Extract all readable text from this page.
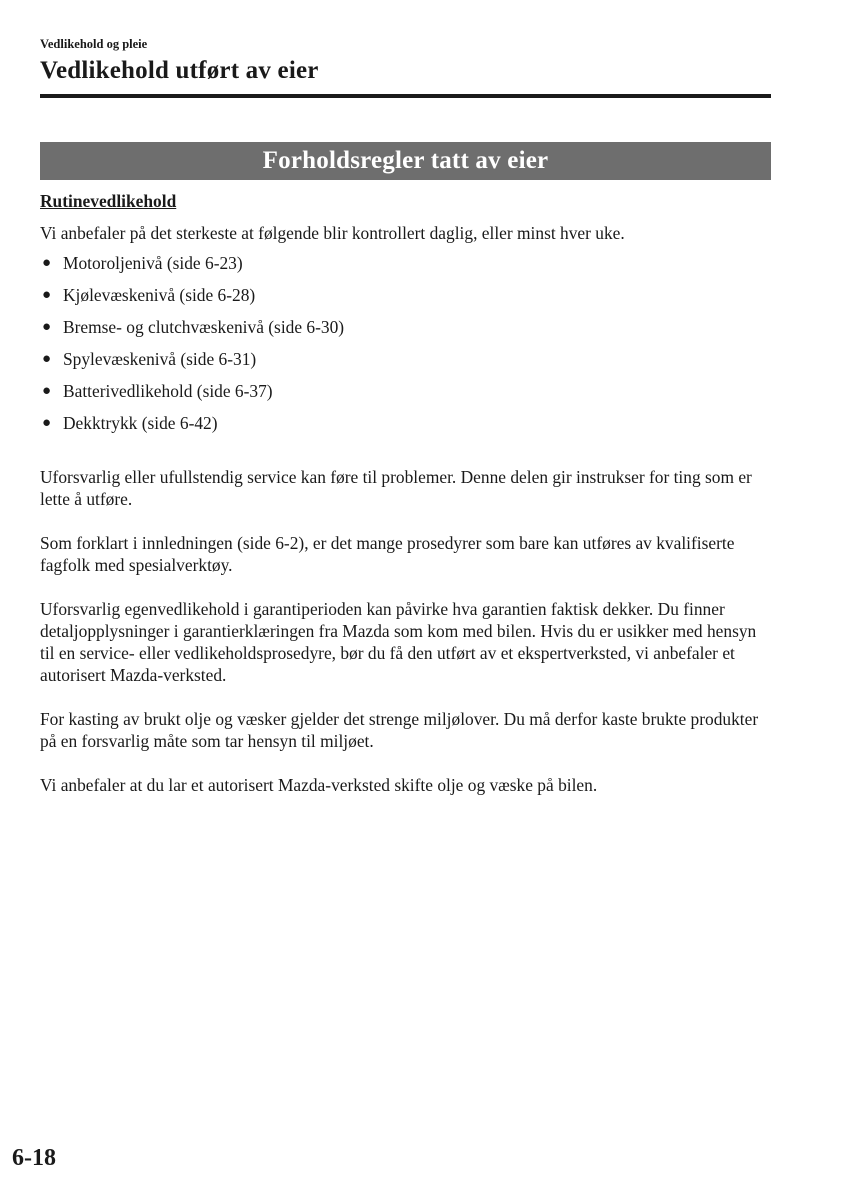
Vedlikehold og pleie
Vedlikehold utført av eier
Forholdsregler tatt av eier
Rutinevedlikehold

Vi anbefaler på det sterkeste at følgende blir kontrollert daglig, eller minst hver uke.

● Motoroljenivå (side 6-23)
● Kjølevæskenivå (side 6-28)
● Bremse- og clutchvæskenivå (side 6-30)
● Spylevæskenivå (side 6-31)
● Batterivedlikehold (side 6-37)
● Dekktrykk (side 6-42)

Uforsvarlig eller ufullstendig service kan føre til problemer. Denne delen gir instrukser for ting som er lette å utføre.

Som forklart i innledningen (side 6-2), er det mange prosedyrer som bare kan utføres av kvalifiserte fagfolk med spesialverktøy.

Uforsvarlig egenvedlikehold i garantiperioden kan påvirke hva garantien faktisk dekker. Du finner detaljopplysninger i garantierklæringen fra Mazda som kom med bilen. Hvis du er usikker med hensyn til en service- eller vedlikeholdsprosedyre, bør du få den utført av et ekspertverksted, vi anbefaler et autorisert Mazda-verksted.

For kasting av brukt olje og væsker gjelder det strenge miljølover. Du må derfor kaste brukte produkter på en forsvarlig måte som tar hensyn til miljøet.

Vi anbefaler at du lar et autorisert Mazda-verksted skifte olje og væske på bilen.

6-18
